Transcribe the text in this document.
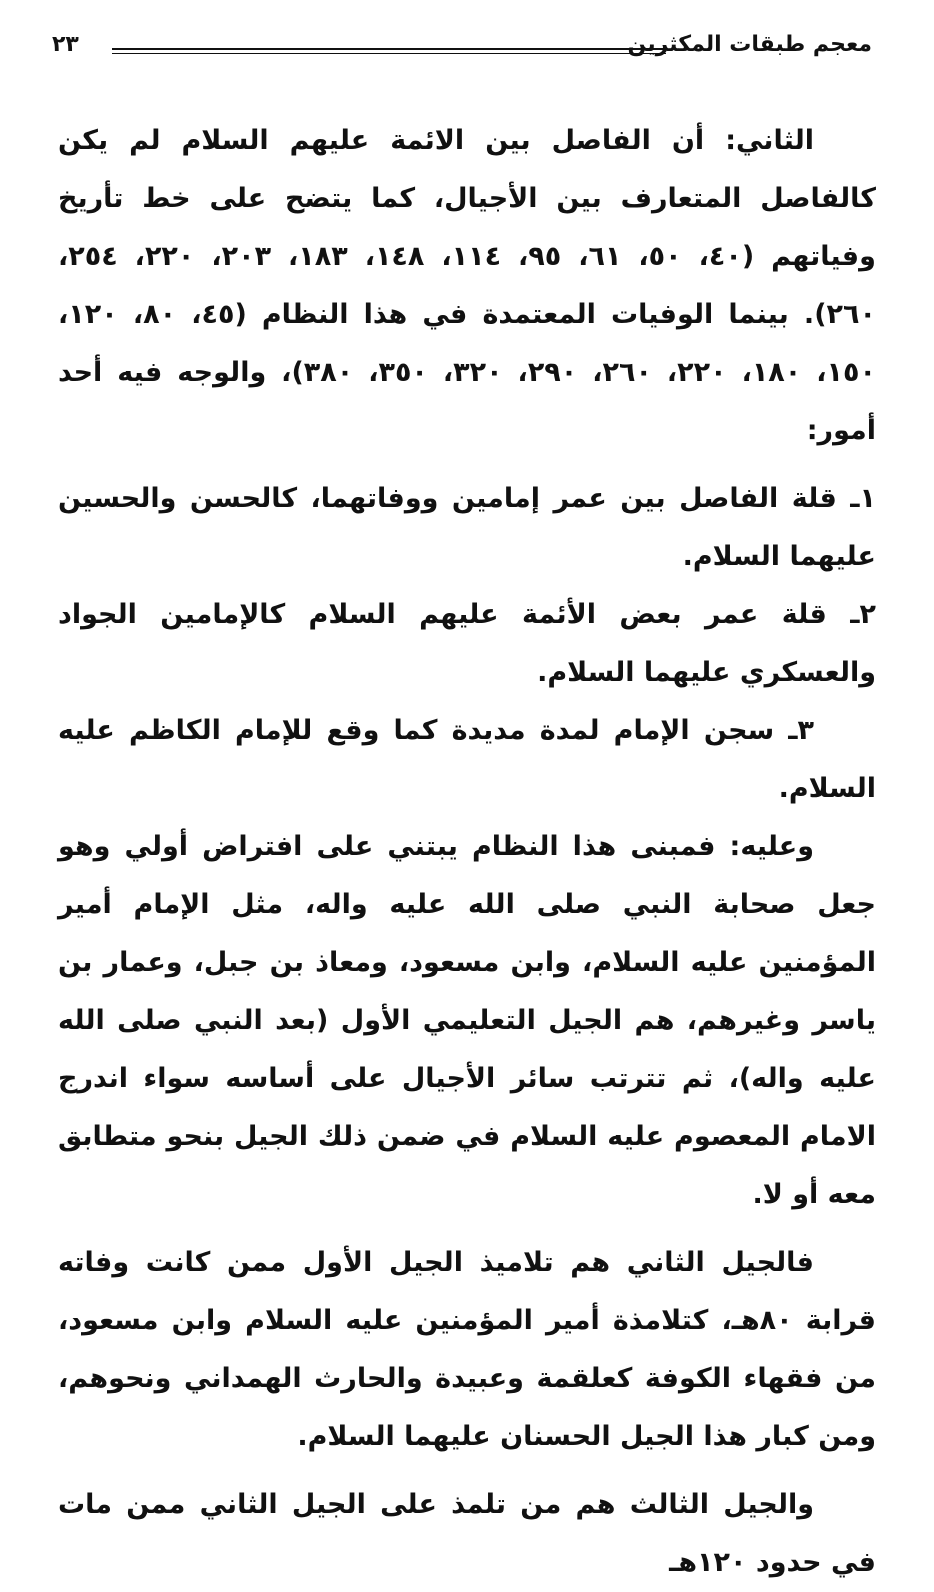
معجم طبقات المكثرين
٢٣

الثاني: أن الفاصل بين الائمة عليهم السلام لم يكن كالفاصل المتعارف بين الأجيال، كما يتضح على خط تأريخ وفياتهم (٤٠، ٥٠، ٦١، ٩٥، ١١٤، ١٤٨، ١٨٣، ٢٠٣، ٢٢٠، ٢٥٤، ٢٦٠). بينما الوفيات المعتمدة في هذا النظام (٤٥، ٨٠، ١٢٠، ١٥٠، ١٨٠، ٢٢٠، ٢٦٠، ٢٩٠، ٣٢٠، ٣٥٠، ٣٨٠)، والوجه فيه أحد أمور:

١ـ قلة الفاصل بين عمر إمامين ووفاتهما، كالحسن والحسين عليهما السلام.

٢ـ قلة عمر بعض الأئمة عليهم السلام كالإمامين الجواد والعسكري عليهما السلام.

٣ـ سجن الإمام لمدة مديدة كما وقع للإمام الكاظم عليه السلام.

وعليه: فمبنى هذا النظام يبتني على افتراض أولي وهو جعل صحابة النبي صلى الله عليه واله، مثل الإمام أمير المؤمنين عليه السلام، وابن مسعود، ومعاذ بن جبل، وعمار بن ياسر وغيرهم، هم الجيل التعليمي الأول (بعد النبي صلى الله عليه واله)، ثم تترتب سائر الأجيال على أساسه سواء اندرج الامام المعصوم عليه السلام في ضمن ذلك الجيل بنحو متطابق معه أو لا.

فالجيل الثاني هم تلاميذ الجيل الأول ممن كانت وفاته قرابة ٨٠هـ، كتلامذة أمير المؤمنين عليه السلام وابن مسعود، من فقهاء الكوفة كعلقمة وعبيدة والحارث الهمداني ونحوهم، ومن كبار هذا الجيل الحسنان عليهما السلام.

والجيل الثالث هم من تلمذ على الجيل الثاني ممن مات في حدود ١٢٠هـ
